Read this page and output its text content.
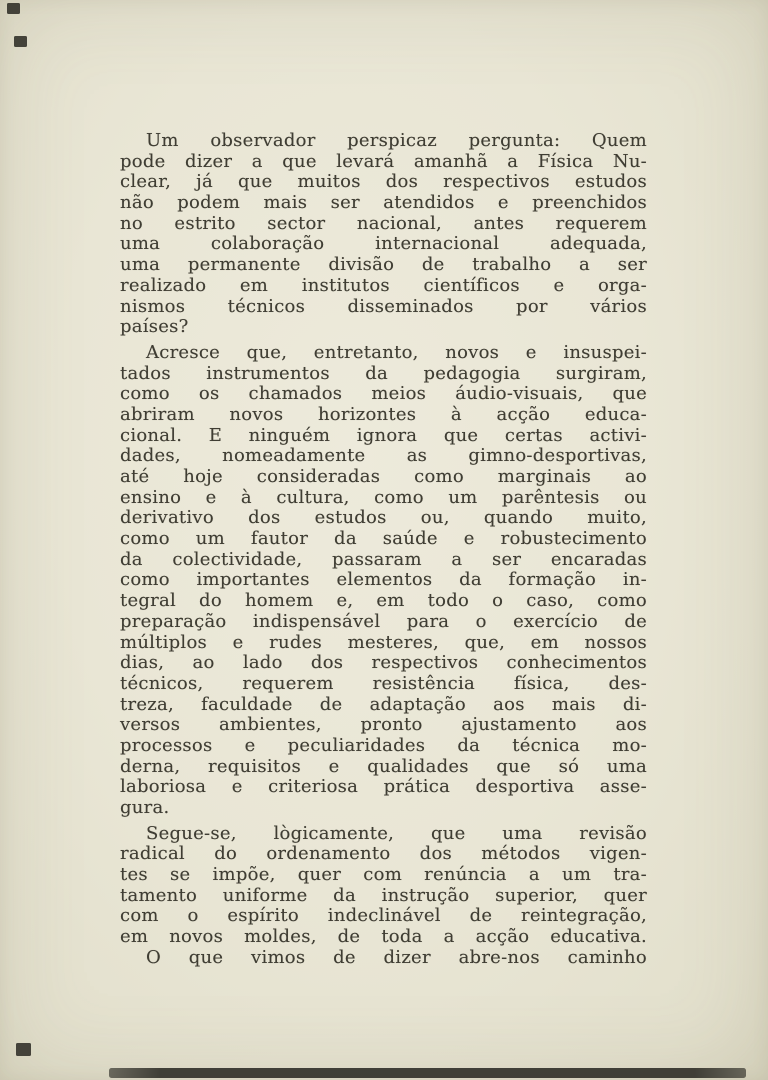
Um observador perspicaz pergunta: Quem
pode dizer a que levará amanhã a Física Nu-
clear, já que muitos dos respectivos estudos
não podem mais ser atendidos e preenchidos
no estrito sector nacional, antes requerem
uma colaboração internacional adequada,
uma permanente divisão de trabalho a ser
realizado em institutos científicos e orga-
nismos técnicos disseminados por vários
países?
Acresce que, entretanto, novos e insuspei-
tados instrumentos da pedagogia surgiram,
como os chamados meios áudio-visuais, que
abriram novos horizontes à acção educa-
cional. E ninguém ignora que certas activi-
dades, nomeadamente as gimno-desportivas,
até hoje consideradas como marginais ao
ensino e à cultura, como um parêntesis ou
derivativo dos estudos ou, quando muito,
como um fautor da saúde e robustecimento
da colectividade, passaram a ser encaradas
como importantes elementos da formação in-
tegral do homem e, em todo o caso, como
preparação indispensável para o exercício de
múltiplos e rudes mesteres, que, em nossos
dias, ao lado dos respectivos conhecimentos
técnicos, requerem resistência física, des-
treza, faculdade de adaptação aos mais di-
versos ambientes, pronto ajustamento aos
processos e peculiaridades da técnica mo-
derna, requisitos e qualidades que só uma
laboriosa e criteriosa prática desportiva asse-
gura.
Segue-se, lògicamente, que uma revisão
radical do ordenamento dos métodos vigen-
tes se impõe, quer com renúncia a um tra-
tamento uniforme da instrução superior, quer
com o espírito indeclinável de reintegração,
em novos moldes, de toda a acção educativa.
O que vimos de dizer abre-nos caminho
